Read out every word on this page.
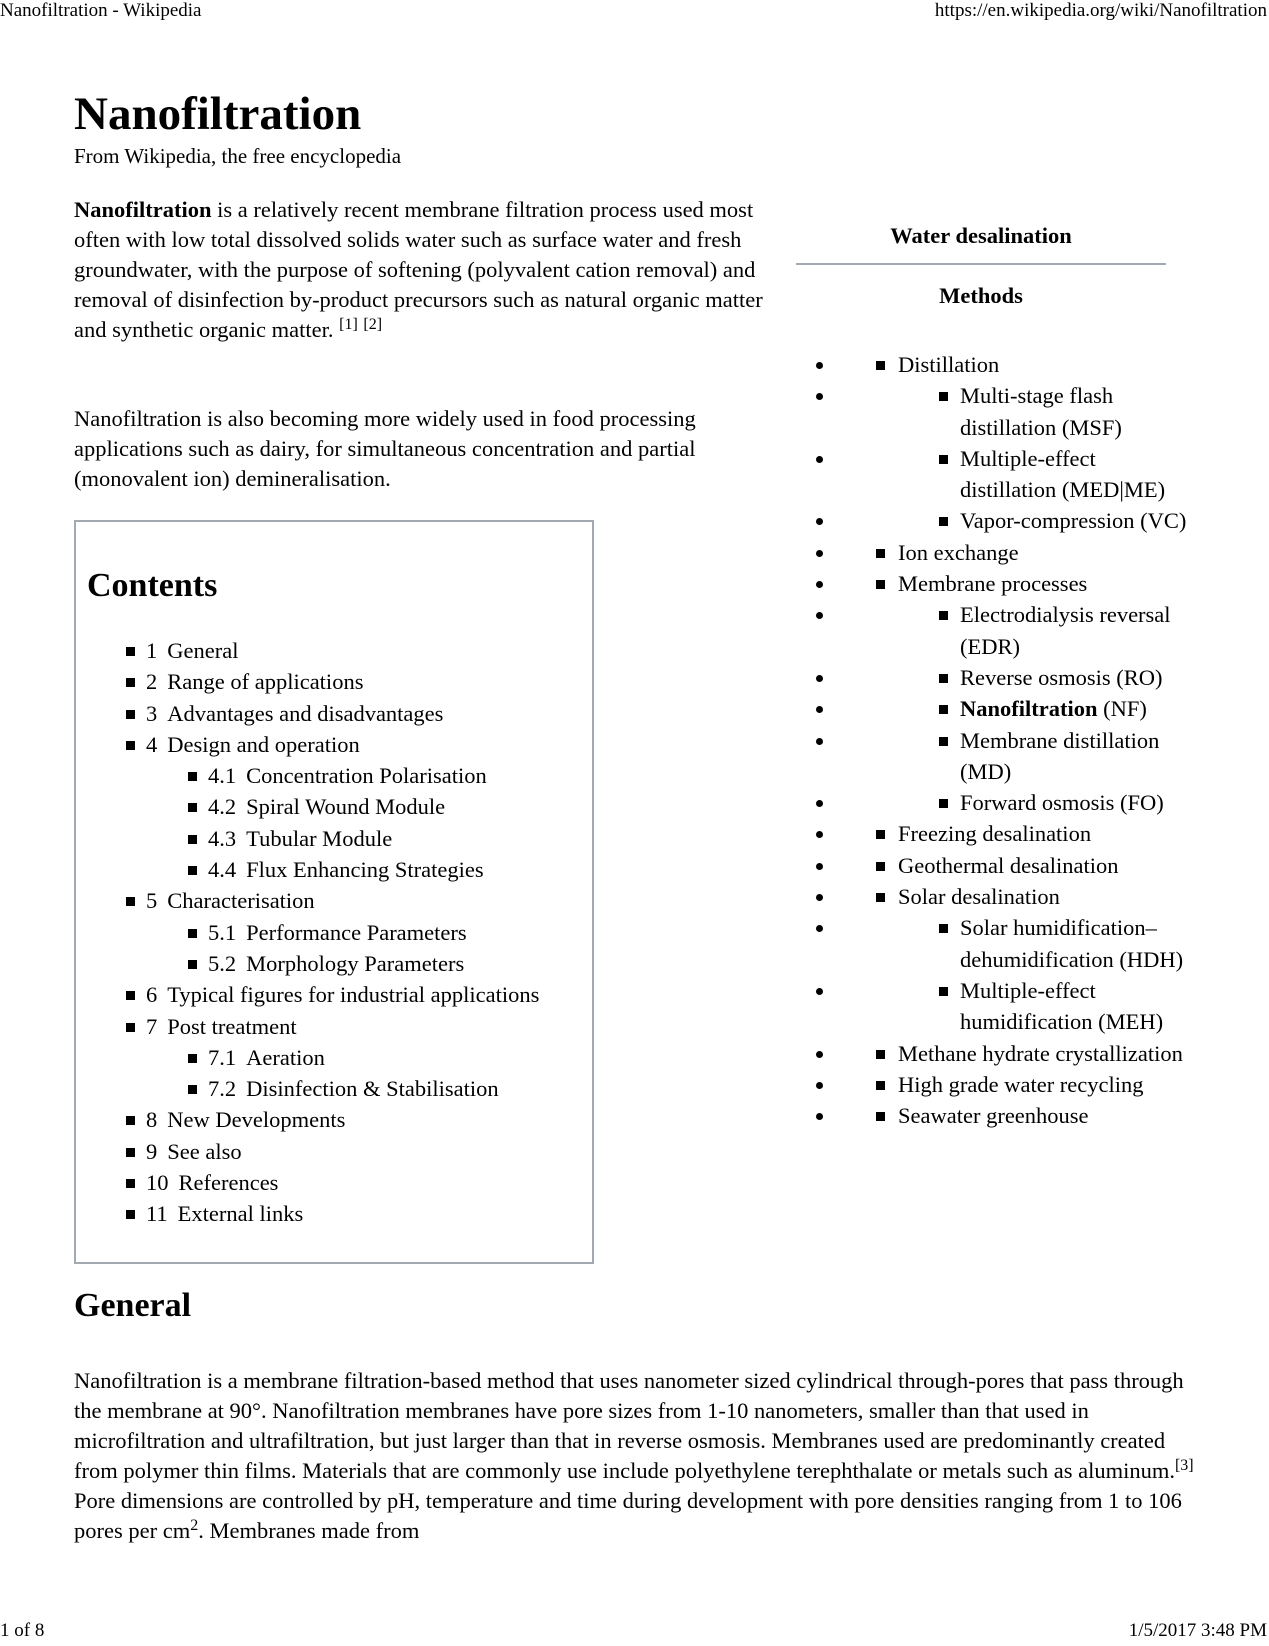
Nanofiltration - Wikipedia	https://en.wikipedia.org/wiki/Nanofiltration
Nanofiltration
From Wikipedia, the free encyclopedia

Nanofiltration is a relatively recent membrane filtration process used most often with low total dissolved solids water such as surface water and fresh groundwater, with the purpose of softening (polyvalent cation removal) and removal of disinfection by-product precursors such as natural organic matter and synthetic organic matter. [1] [2]

Nanofiltration is also becoming more widely used in food processing applications such as dairy, for simultaneous concentration and partial (monovalent ion) demineralisation.

Contents
1 General
2 Range of applications
3 Advantages and disadvantages
4 Design and operation
4.1 Concentration Polarisation
4.2 Spiral Wound Module
4.3 Tubular Module
4.4 Flux Enhancing Strategies
5 Characterisation
5.1 Performance Parameters
5.2 Morphology Parameters
6 Typical figures for industrial applications
7 Post treatment
7.1 Aeration
7.2 Disinfection & Stabilisation
8 New Developments
9 See also
10 References
11 External links
Water desalination
Methods
• Distillation
• Multi-stage flash distillation (MSF)
• Multiple-effect distillation (MED|ME)
• Vapor-compression (VC)
• Ion exchange
• Membrane processes
• Electrodialysis reversal (EDR)
• Reverse osmosis (RO)
• Nanofiltration (NF)
• Membrane distillation (MD)
• Forward osmosis (FO)
• Freezing desalination
• Geothermal desalination
• Solar desalination
• Solar humidification–dehumidification (HDH)
• Multiple-effect humidification (MEH)
• Methane hydrate crystallization
• High grade water recycling
• Seawater greenhouse
General

Nanofiltration is a membrane filtration-based method that uses nanometer sized cylindrical through-pores that pass through the membrane at 90°. Nanofiltration membranes have pore sizes from 1-10 nanometers, smaller than that used in microfiltration and ultrafiltration, but just larger than that in reverse osmosis. Membranes used are predominantly created from polymer thin films. Materials that are commonly use include polyethylene terephthalate or metals such as aluminum.[3] Pore dimensions are controlled by pH, temperature and time during development with pore densities ranging from 1 to 106 pores per $cm^2$. Membranes made from

1 of 8	1/5/2017 3:48 PM
